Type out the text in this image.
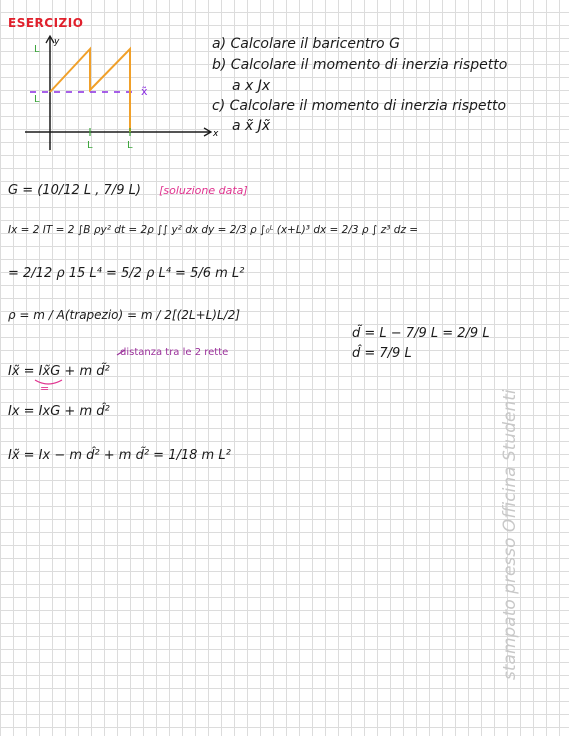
ESERCIZIO
y
x
L
L
L	L
x̃
a) Calcolare il baricentro G
b) Calcolare il momento di inerzia rispetto
a x Jx
c) Calcolare il momento di inerzia rispetto
a x̃ Jx̃
G = (10/12 L , 7/9 L) [soluzione data]
Ix = 2 IT = 2 ∫B ρy² dt = 2ρ ∫∫ y² dx dy = 2/3 ρ ∫₀ᴸ (x+L)³ dx = 2/3 ρ ∫ z³ dz =
= 2/12 ρ 15 L⁴ = 5/2 ρ L⁴ = 5/6 m L²
ρ = m / A(trapezio) = m / 2[(2L+L)L/2]
d̃ = L − 7/9 L = 2/9 L
d̂ = 7/9 L
distanza tra le 2 rette
Ix̃ = Ix̃G + m d̃²
=
Ix = IxG + m d̂²
Ix̃ = Ix − m d̂² + m d̃² = 1/18 m L²	stampato presso Officina Studenti
